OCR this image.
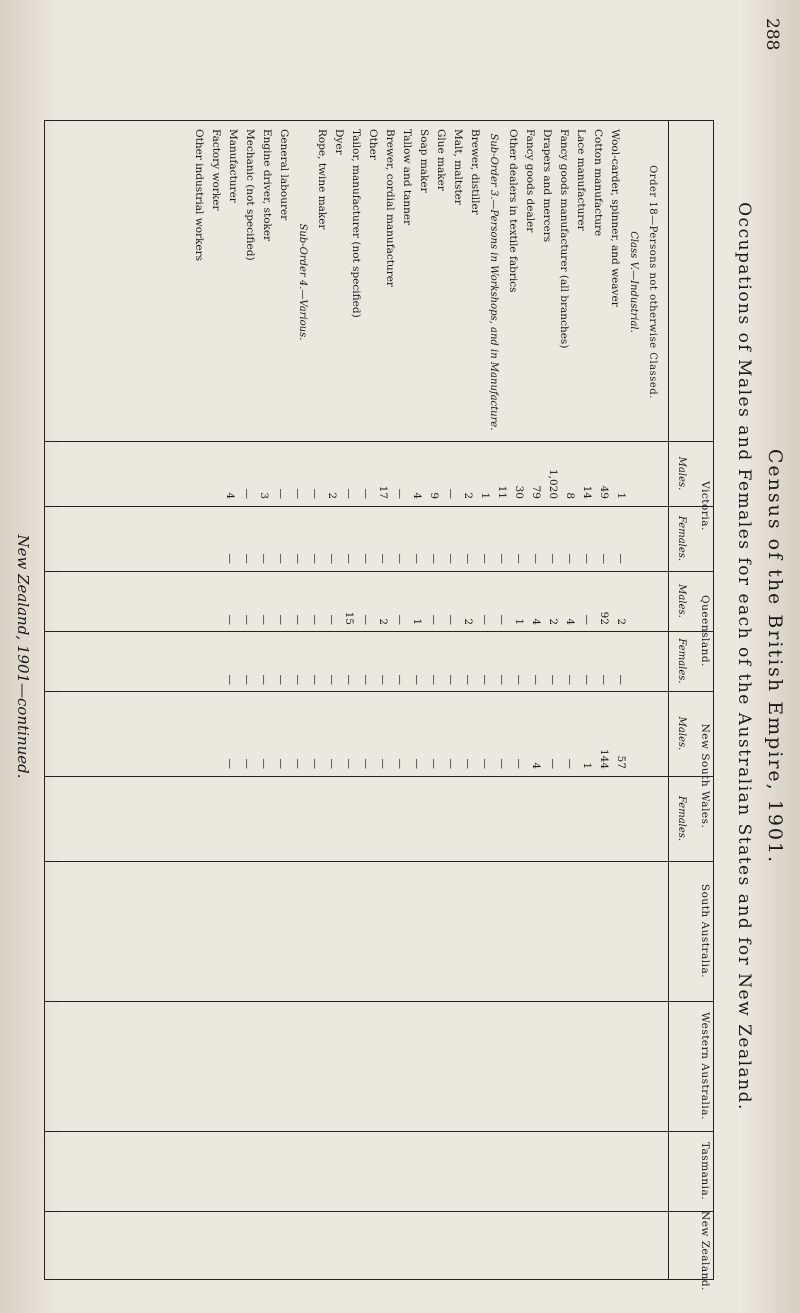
288
Census of the British Empire, 1901.
Occupations of Males and Females for each of the Australian States and for New Zealand.
Victoria.
Queensland.
New South Wales.
South Australia.
Western Australia.
Tasmania.
New Zealand.
Males.
Females.
Males.
Females.
Males.
Females.
Order 18—Persons not otherwise Classed.
Class V.—Industrial.
Wool-carder, spinner, and weaver
Cotton manufacture
Lace manufacturer
Fancy goods manufacturer (all branches)
Drapers and mercers
Fancy goods dealer
Other dealers in textile fabrics
Sub-Order 3.—Persons in Workshops, and in Manufacture.
Brewer, distiller
Malt, maltster
Glue maker
Soap maker
Tallow and tanner
Brewer, cordial manufacturer
Other
Tailor, manufacturer (not specified)
Dyer
Rope, twine maker
Sub-Order 4.—Various.
General labourer
Engine driver, stoker
Mechanic (not specified)
Manufacturer
Factory worker
Other industrial workers
1
49
14
8
1,020
79
30
11
1
2
—
9
4
—
17
—
—
2
—
—
—
3
—
4
—
—
—
—
—
—
—
—
—
—
—
—
—
—
—
—
—
—
—
—
—
—
—
—
2
92
—
4
2
4
1
—
—
2
—
—
1
—
2
—
15
—
—
—
—
—
—
—
—
—
—
—
—
—
—
—
—
—
—
—
—
—
—
—
—
—
—
—
—
—
—
—
57
144
1
—
—
4
—
—
—
—
—
—
—
—
—
—
—
—
—
—
—
—
—
—
New Zealand, 1901—continued.
